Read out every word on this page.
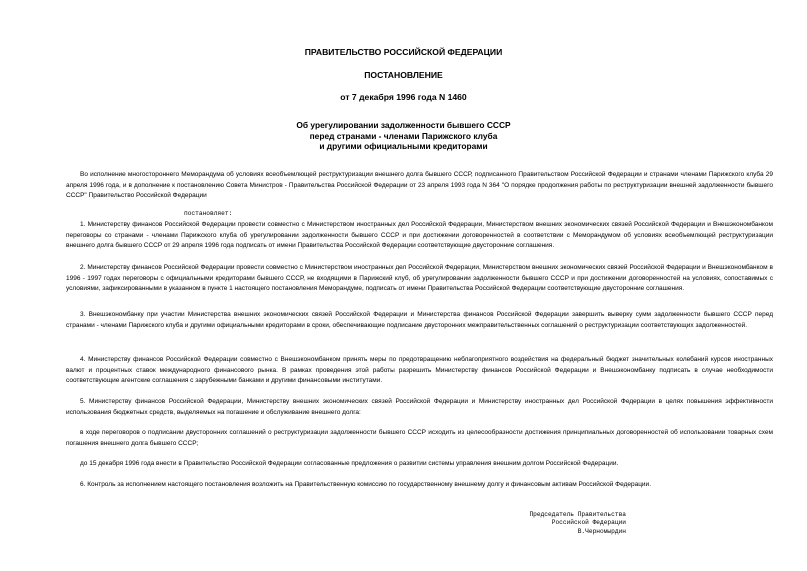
ПРАВИТЕЛЬСТВО РОССИЙСКОЙ ФЕДЕРАЦИИ
ПОСТАНОВЛЕНИЕ
от 7 декабря 1996 года N 1460
Об урегулировании задолженности бывшего СССР
перед странами - членами Парижского клуба
и другими официальными кредиторами
Во исполнение многостороннего Меморандума об условиях всеобъемлющей реструктуризации внешнего долга бывшего СССР, подписанного Правительством Российской Федерации и странами членами Парижского клуба 29 апреля 1996 года, и в дополнение к постановлению Совета Министров - Правительства Российской Федерации от 23 апреля 1993 года N 364 "О порядке продолжения работы по реструктуризации внешней задолженности бывшего СССР" Правительство Российской Федерации
постановляет:
1. Министерству финансов Российской Федерации провести совместно с Министерством иностранных дел Российской Федерации, Министерством внешних экономических связей Российской Федерации и Внешэкономбанком переговоры со странами - членами Парижского клуба об урегулировании задолженности бывшего СССР и при достижении договоренностей в соответствии с Меморандумом об условиях всеобъемлющей реструктуризации внешнего долга бывшего СССР от 29 апреля 1996 года подписать от имени Правительства Российской Федерации соответствующие двусторонние соглашения.
2. Министерству финансов Российской Федерации провести совместно с Министерством иностранных дел Российской Федерации, Министерством внешних экономических связей Российской Федерации и Внешэкономбанком в 1996 - 1997 годах переговоры с официальными кредиторами бывшего СССР, не входящими в Парижский клуб, об урегулировании задолженности бывшего СССР и при достижении договоренностей на условиях, сопоставимых с условиями, зафиксированными в указанном в пункте 1 настоящего постановления Меморандуме, подписать от имени Правительства Российской Федерации соответствующие двусторонние соглашения.
3. Внешэкономбанку при участии Министерства внешних экономических связей Российской Федерации и Министерства финансов Российской Федерации завершить выверку сумм задолженности бывшего СССР перед странами - членами Парижского клуба и другими официальными кредиторами в сроки, обеспечивающие подписание двусторонних межправительственных соглашений о реструктуризации соответствующих задолженностей.
4. Министерству финансов Российской Федерации совместно с Внешэкономбанком принять меры по предотвращению неблагоприятного воздействия на федеральный бюджет значительных колебаний курсов иностранных валют и процентных ставок международного финансового рынка. В рамках проведения этой работы разрешить Министерству финансов Российской Федерации и Внешэкономбанку подписать в случае необходимости соответствующие агентские соглашения с зарубежными банками и другими финансовыми институтами.
5. Министерству финансов Российской Федерации, Министерству внешних экономических связей Российской Федерации и Министерству иностранных дел Российской Федерации в целях повышения эффективности использования бюджетных средств, выделяемых на погашение и обслуживание внешнего долга:
в ходе переговоров о подписании двусторонних соглашений о реструктуризации задолженности бывшего СССР исходить из целесообразности достижения принципиальных договоренностей об использовании товарных схем погашения внешнего долга бывшего СССР;
до 15 декабря 1996 года внести в Правительство Российской Федерации согласованные предложения о развитии системы управления внешним долгом Российской Федерации.
6. Контроль за исполнением настоящего постановления возложить на Правительственную комиссию по государственному внешнему долгу и финансовым активам Российской Федерации.
Председатель Правительства
Российской Федерации
В.Черномырдин
